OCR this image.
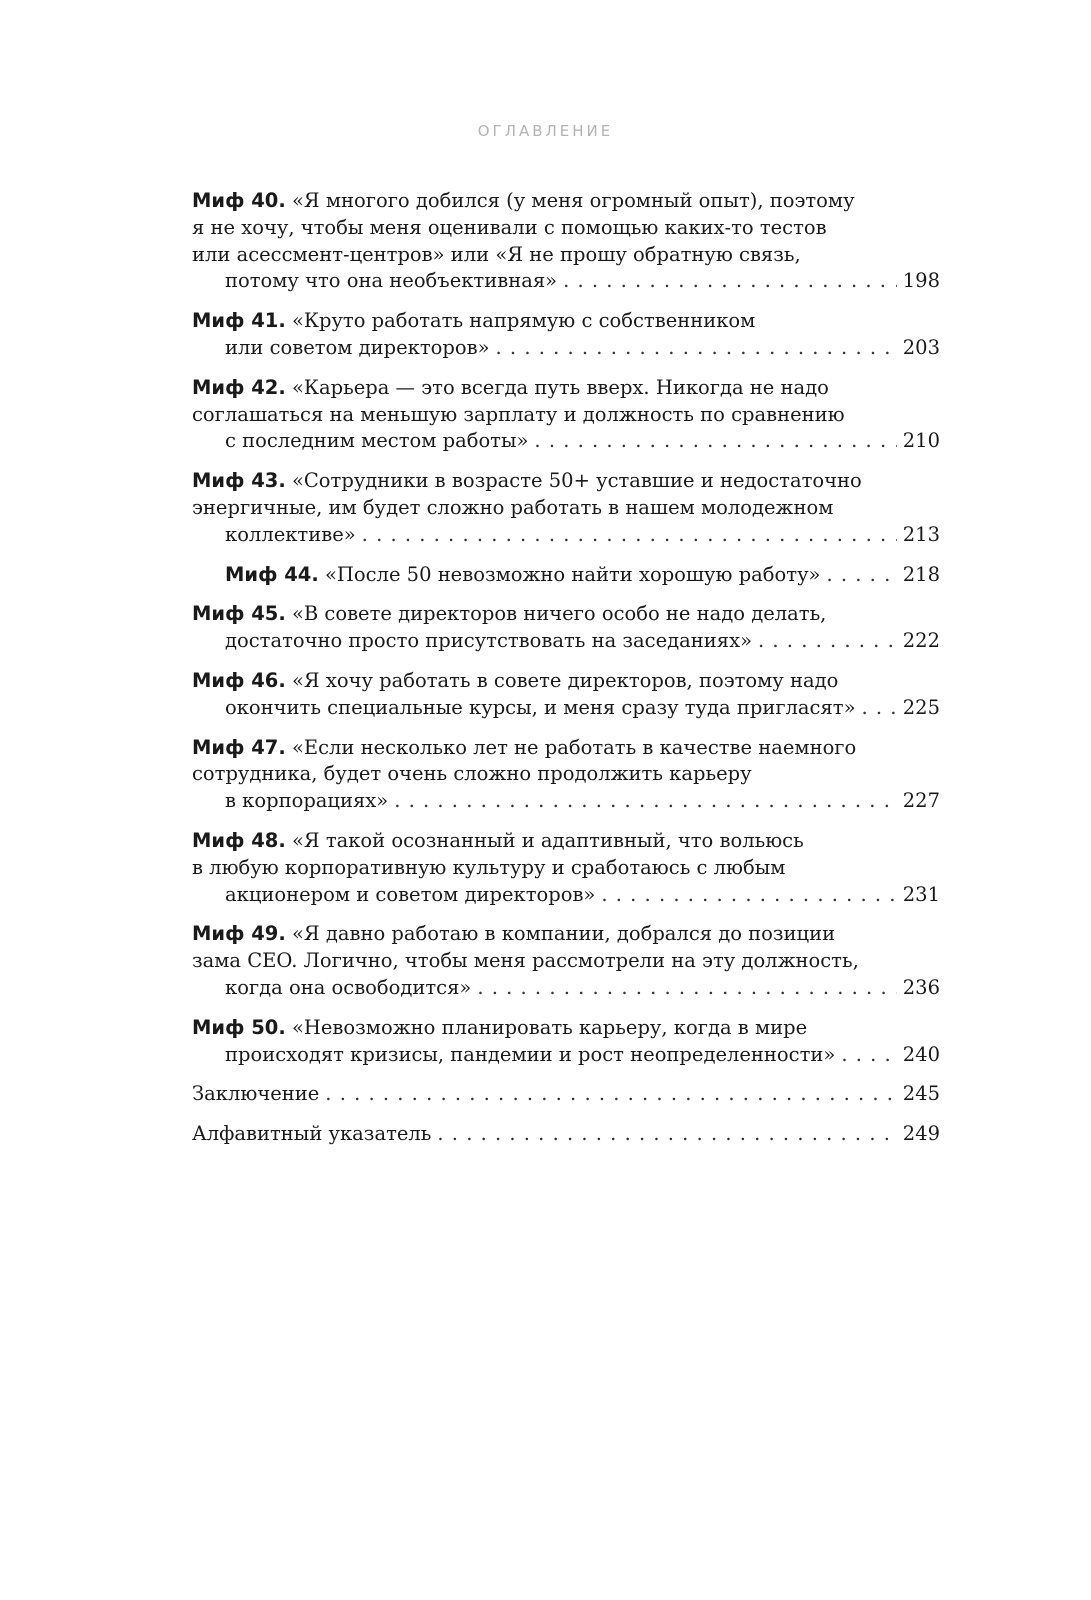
ОГЛАВЛЕНИЕ
Миф 40. «Я многого добился (у меня огромный опыт), поэтому
я не хочу, чтобы меня оценивали с помощью каких-то тестов
или асессмент-центров» или «Я не прошу обратную связь,
потому что она необъективная» . . .	198
Миф 41. «Круто работать напрямую с собственником
или советом директоров» . . .	203
Миф 42. «Карьера — это всегда путь вверх. Никогда не надо
соглашаться на меньшую зарплату и должность по сравнению
с последним местом работы» . . .	210
Миф 43. «Сотрудники в возрасте 50+ уставшие и недостаточно
энергичные, им будет сложно работать в нашем молодежном
коллективе» . . .	213
Миф 44. «После 50 невозможно найти хорошую работу» . . .	218
Миф 45. «В совете директоров ничего особо не надо делать,
достаточно просто присутствовать на заседаниях» . . .	222
Миф 46. «Я хочу работать в совете директоров, поэтому надо
окончить специальные курсы, и меня сразу туда пригласят» . . . 225
Миф 47. «Если несколько лет не работать в качестве наемного
сотрудника, будет очень сложно продолжить карьеру
в корпорациях» . . .	227
Миф 48. «Я такой осознанный и адаптивный, что вольюсь
в любую корпоративную культуру и сработаюсь с любым
акционером и советом директоров» . . .	231
Миф 49. «Я давно работаю в компании, добрался до позиции
зама CEO. Логично, чтобы меня рассмотрели на эту должность,
когда она освободится» . . .	236
Миф 50. «Невозможно планировать карьеру, когда в мире
происходят кризисы, пандемии и рост неопределенности» . . .	240
Заключение . . .	245
Алфавитный указатель . . .	249
